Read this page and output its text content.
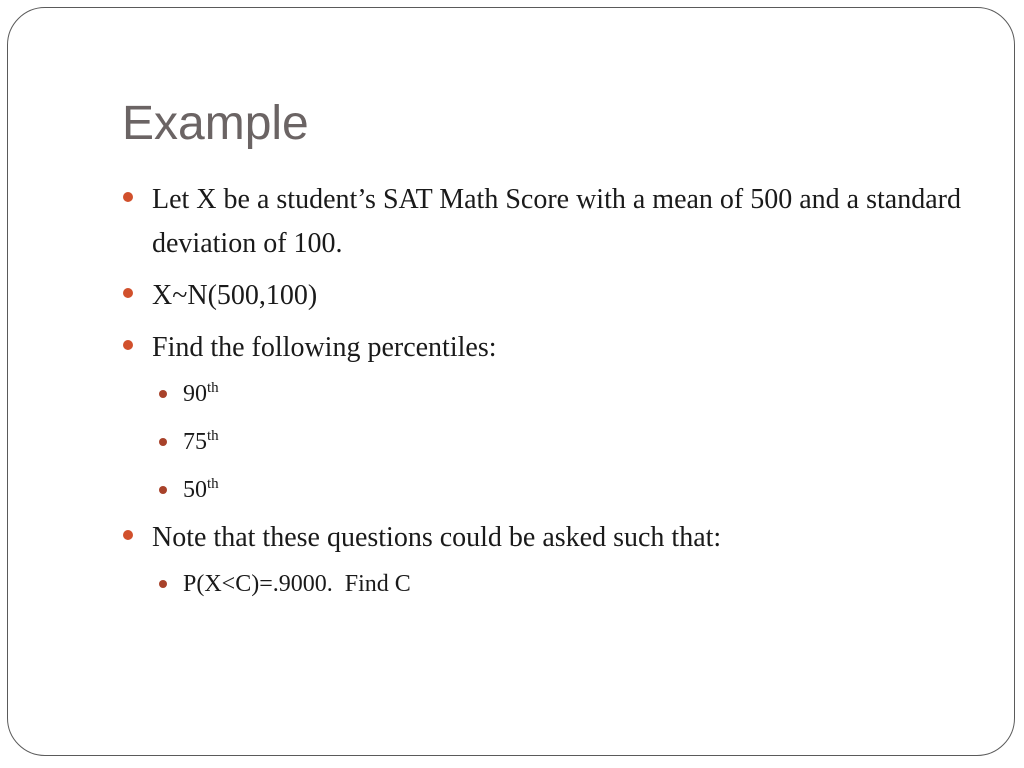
Example
Let X be a student’s SAT Math Score with a mean of 500 and a standard deviation of 100.
X~N(500,100)
Find the following percentiles:
90th
75th
50th
Note that these questions could be asked such that:
P(X<C)=.9000.  Find C
